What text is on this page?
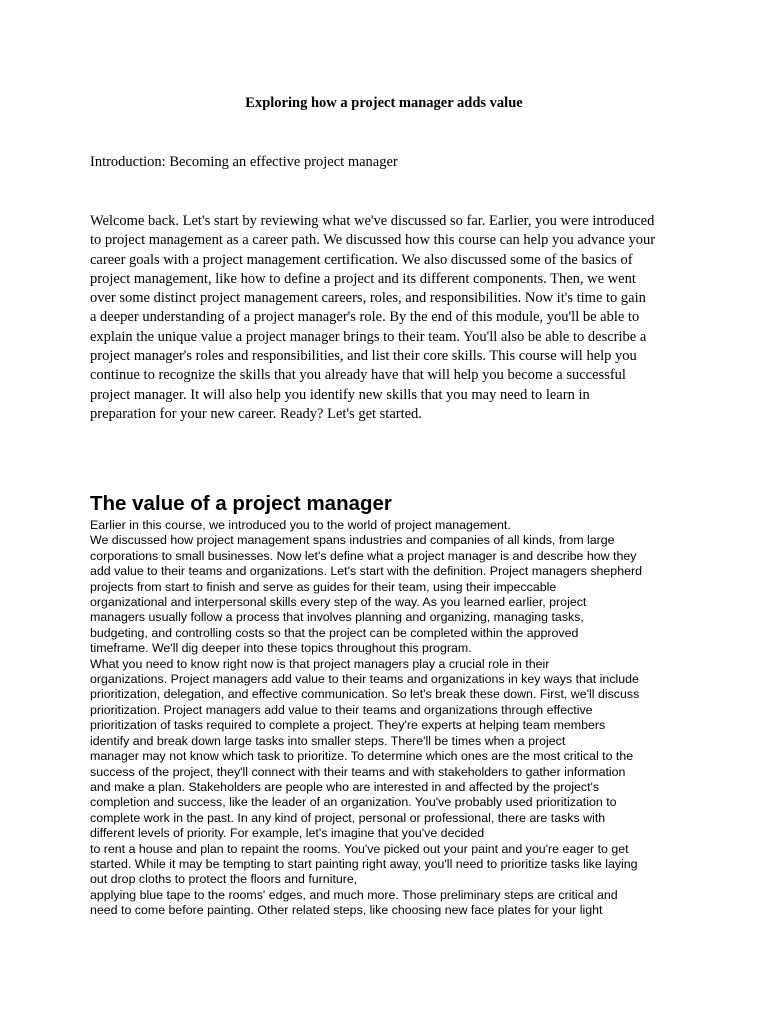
Exploring how a project manager adds value

Introduction: Becoming an effective project manager

Welcome back. Let's start by reviewing what we've discussed so far. Earlier, you were introduced
to project management as a career path. We discussed how this course can help you advance your
career goals with a project management certification. We also discussed some of the basics of
project management, like how to define a project and its different components. Then, we went
over some distinct project management careers, roles, and responsibilities. Now it's time to gain
a deeper understanding of a project manager's role. By the end of this module, you'll be able to
explain the unique value a project manager brings to their team. You'll also be able to describe a
project manager's roles and responsibilities, and list their core skills. This course will help you
continue to recognize the skills that you already have that will help you become a successful
project manager. It will also help you identify new skills that you may need to learn in
preparation for your new career. Ready? Let's get started.
The value of a project manager
Earlier in this course, we introduced you to the world of project management.
We discussed how project management spans industries and companies of all kinds, from large
corporations to small businesses. Now let's define what a project manager is and describe how they
add value to their teams and organizations. Let's start with the definition. Project managers shepherd
projects from start to finish and serve as guides for their team, using their impeccable
organizational and interpersonal skills every step of the way. As you learned earlier, project
managers usually follow a process that involves planning and organizing, managing tasks,
budgeting, and controlling costs so that the project can be completed within the approved
timeframe. We'll dig deeper into these topics throughout this program.
What you need to know right now is that project managers play a crucial role in their
organizations. Project managers add value to their teams and organizations in key ways that include
prioritization, delegation, and effective communication. So let's break these down. First, we'll discuss
prioritization. Project managers add value to their teams and organizations through effective
prioritization of tasks required to complete a project. They're experts at helping team members
identify and break down large tasks into smaller steps. There'll be times when a project
manager may not know which task to prioritize. To determine which ones are the most critical to the
success of the project, they'll connect with their teams and with stakeholders to gather information
and make a plan. Stakeholders are people who are interested in and affected by the project's
completion and success, like the leader of an organization. You've probably used prioritization to
complete work in the past. In any kind of project, personal or professional, there are tasks with
different levels of priority. For example, let's imagine that you've decided
to rent a house and plan to repaint the rooms. You've picked out your paint and you're eager to get
started. While it may be tempting to start painting right away, you'll need to prioritize tasks like laying
out drop cloths to protect the floors and furniture,
applying blue tape to the rooms' edges, and much more. Those preliminary steps are critical and
need to come before painting. Other related steps, like choosing new face plates for your light
